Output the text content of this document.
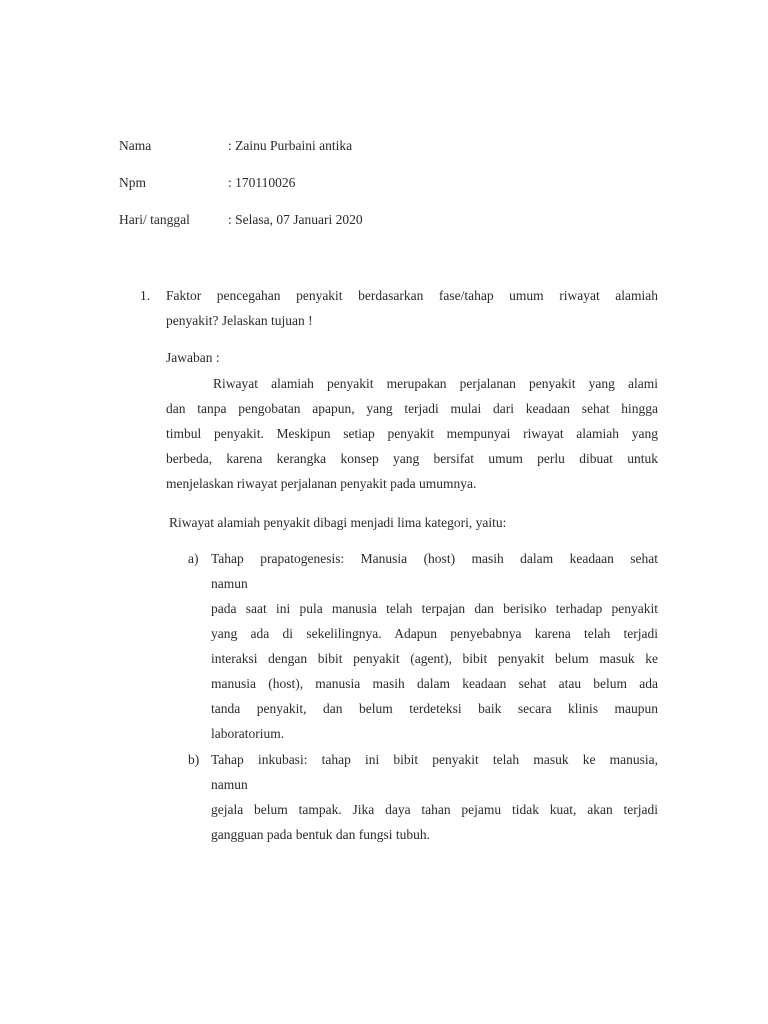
Nama	: Zainu Purbaini antika
Npm	: 170110026
Hari/ tanggal	: Selasa, 07 Januari 2020
1. Faktor pencegahan penyakit berdasarkan fase/tahap umum riwayat alamiah
penyakit? Jelaskan tujuan !
Jawaban :
Riwayat alamiah penyakit merupakan perjalanan penyakit yang alami
dan tanpa pengobatan apapun, yang terjadi mulai dari keadaan sehat hingga
timbul penyakit. Meskipun setiap penyakit mempunyai riwayat alamiah yang
berbeda, karena kerangka konsep yang bersifat umum perlu dibuat untuk
menjelaskan riwayat perjalanan penyakit pada umumnya.
Riwayat alamiah penyakit dibagi menjadi lima kategori, yaitu:
a) Tahap prapatogenesis: Manusia (host) masih dalam keadaan sehat
namun
pada saat ini pula manusia telah terpajan dan berisiko terhadap penyakit
yang ada di sekelilingnya. Adapun penyebabnya karena telah terjadi
interaksi dengan bibit penyakit (agent), bibit penyakit belum masuk ke
manusia (host), manusia masih dalam keadaan sehat atau belum ada
tanda penyakit, dan belum terdeteksi baik secara klinis maupun
laboratorium.
b) Tahap inkubasi: tahap ini bibit penyakit telah masuk ke manusia,
namun
gejala belum tampak. Jika daya tahan pejamu tidak kuat, akan terjadi
gangguan pada bentuk dan fungsi tubuh.
